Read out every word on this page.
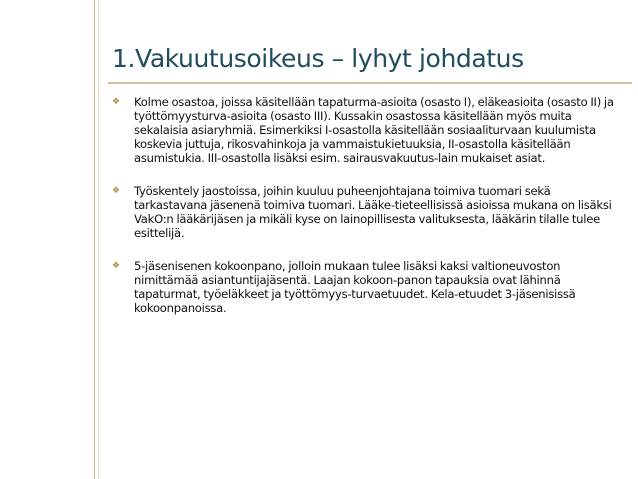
1.Vakuutusoikeus – lyhyt johdatus
❖ Kolme osastoa, joissa käsitellään tapaturma-asioita (osasto I), eläkeasioita (osasto II) ja työttömyysturva-asioita (osasto III). Kussakin osastossa käsitellään myös muita sekalaisia asiaryhmiä. Esimerkiksi I-osastolla käsitellään sosiaaliturvaan kuulumista koskevia juttuja, rikosvahinkoja ja vammaistukietuuksia, II-osastolla käsitellään asumistukia. III-osastolla lisäksi esim. sairausvakuutus-lain mukaiset asiat.
❖ Työskentely jaostoissa, joihin kuuluu puheenjohtajana toimiva tuomari sekä tarkastavana jäsenenä toimiva tuomari. Lääke-tieteellisissä asioissa mukana on lisäksi VakO:n lääkärijäsen ja mikäli kyse on lainopillisesta valituksesta, lääkärin tilalle tulee esittelijä.
❖ 5-jäsenisenen kokoonpano, jolloin mukaan tulee lisäksi kaksi valtioneuvoston nimittämää asiantuntijajäsentä. Laajan kokoon-panon tapauksia ovat lähinnä tapaturmat, työeläkkeet ja työttömyys-turvaetuudet. Kela-etuudet 3-jäsenisissä kokoonpanoissa.
